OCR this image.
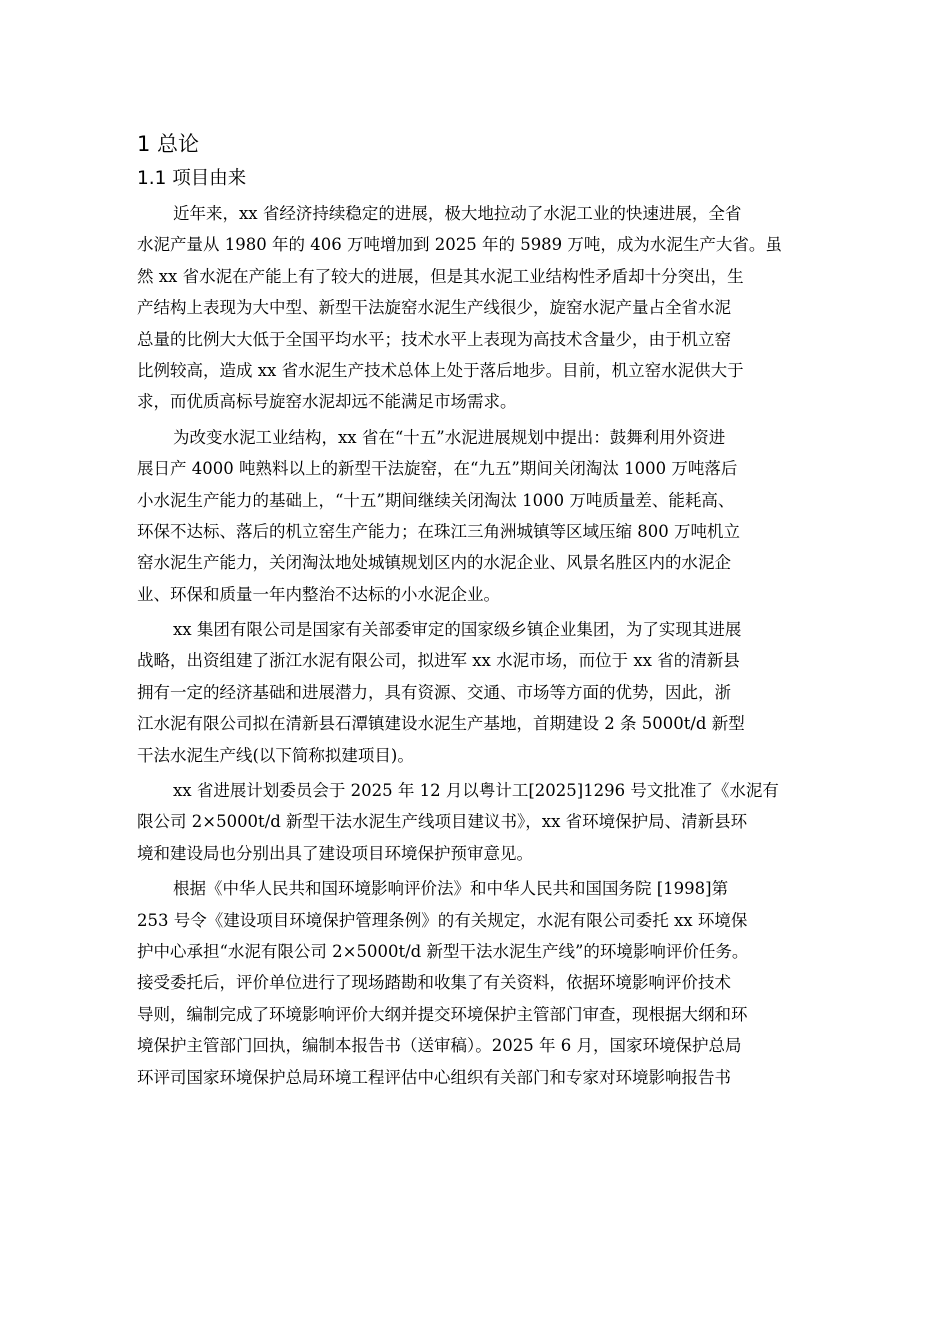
1 总论
1.1 项目由来
近年来，xx 省经济持续稳定的进展，极大地拉动了水泥工业的快速进展，全省
水泥产量从 1980 年的 406 万吨增加到 2025 年的 5989 万吨，成为水泥生产大省。虽
然 xx 省水泥在产能上有了较大的进展，但是其水泥工业结构性矛盾却十分突出，生
产结构上表现为大中型、新型干法旋窑水泥生产线很少，旋窑水泥产量占全省水泥
总量的比例大大低于全国平均水平；技术水平上表现为高技术含量少，由于机立窑
比例较高，造成 xx 省水泥生产技术总体上处于落后地步。目前，机立窑水泥供大于
求，而优质高标号旋窑水泥却远不能满足市场需求。
为改变水泥工业结构，xx 省在“十五”水泥进展规划中提出：鼓舞利用外资进
展日产 4000 吨熟料以上的新型干法旋窑，在“九五”期间关闭淘汰 1000 万吨落后
小水泥生产能力的基础上，“十五”期间继续关闭淘汰 1000 万吨质量差、能耗高、
环保不达标、落后的机立窑生产能力；在珠江三角洲城镇等区域压缩 800 万吨机立
窑水泥生产能力，关闭淘汰地处城镇规划区内的水泥企业、风景名胜区内的水泥企
业、环保和质量一年内整治不达标的小水泥企业。
xx 集团有限公司是国家有关部委审定的国家级乡镇企业集团，为了实现其进展
战略，出资组建了浙江水泥有限公司，拟进军 xx 水泥市场，而位于 xx 省的清新县
拥有一定的经济基础和进展潜力，具有资源、交通、市场等方面的优势，因此，浙
江水泥有限公司拟在清新县石潭镇建设水泥生产基地，首期建设 2 条 5000t/d 新型
干法水泥生产线(以下简称拟建项目)。
xx 省进展计划委员会于 2025 年 12 月以粤计工[2025]1296 号文批准了《水泥有
限公司 2×5000t/d 新型干法水泥生产线项目建议书》，xx 省环境保护局、清新县环
境和建设局也分别出具了建设项目环境保护预审意见。
根据《中华人民共和国环境影响评价法》和中华人民共和国国务院 [1998]第
253 号令《建设项目环境保护管理条例》的有关规定，水泥有限公司委托 xx 环境保
护中心承担“水泥有限公司 2×5000t/d 新型干法水泥生产线”的环境影响评价任务。
接受委托后，评价单位进行了现场踏勘和收集了有关资料，依据环境影响评价技术
导则，编制完成了环境影响评价大纲并提交环境保护主管部门审查，现根据大纲和环
境保护主管部门回执，编制本报告书（送审稿）。2025 年 6 月，国家环境保护总局
环评司国家环境保护总局环境工程评估中心组织有关部门和专家对环境影响报告书
